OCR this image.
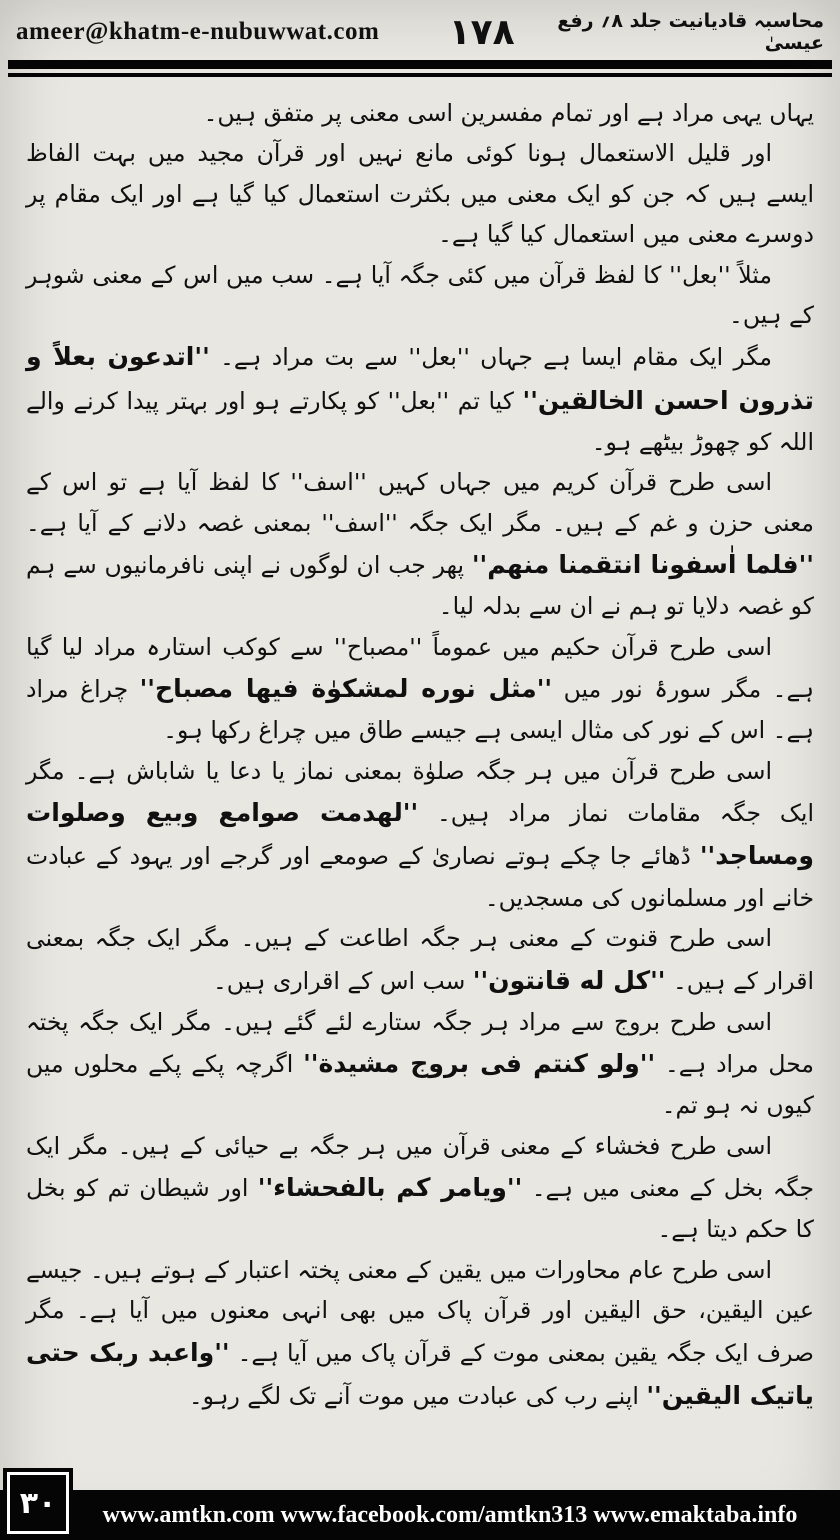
ameer@khatm-e-nubuwwat.com ۱۷۸	محاسبہ قادیانیت جلد ۸؍ رفع عیسیٰ

یہاں یہی مراد ہے اور تمام مفسرین اسی معنی پر متفق ہیں۔

اور قلیل الاستعمال ہونا کوئی مانع نہیں اور قرآن مجید میں بہت الفاظ ایسے ہیں کہ جن کو ایک معنی میں بکثرت استعمال کیا گیا ہے اور ایک مقام پر دوسرے معنی میں استعمال کیا گیا ہے۔

مثلاً ''بعل'' کا لفظ قرآن میں کئی جگہ آیا ہے۔ سب میں اس کے معنی شوہر کے ہیں۔

مگر ایک مقام ایسا ہے جہاں ''بعل'' سے بت مراد ہے۔ ''اتدعون بعلاً و تذرون احسن الخالقین'' کیا تم ''بعل'' کو پکارتے ہو اور بہتر پیدا کرنے والے اللہ کو چھوڑ بیٹھے ہو۔

اسی طرح قرآن کریم میں جہاں کہیں ''اسف'' کا لفظ آیا ہے تو اس کے معنی حزن و غم کے ہیں۔ مگر ایک جگہ ''اسف'' بمعنی غصہ دلانے کے آیا ہے۔ ''فلما اٰسفونا انتقمنا منهم'' پھر جب ان لوگوں نے اپنی نافرمانیوں سے ہم کو غصہ دلایا تو ہم نے ان سے بدلہ لیا۔

اسی طرح قرآن حکیم میں عموماً ''مصباح'' سے کوکب استارہ مراد لیا گیا ہے۔ مگر سورۂ نور میں ''مثل نوره لمشکوٰة فیها مصباح'' چراغ مراد ہے۔ اس کے نور کی مثال ایسی ہے جیسے طاق میں چراغ رکھا ہو۔

اسی طرح قرآن میں ہر جگہ صلوٰة بمعنی نماز یا دعا یا شاباش ہے۔ مگر ایک جگہ مقامات نماز مراد ہیں۔ ''لهدمت صوامع وبیع وصلوات ومساجد'' ڈھائے جا چکے ہوتے نصاریٰ کے صومعے اور گرجے اور یہود کے عبادت خانے اور مسلمانوں کی مسجدیں۔

اسی طرح قنوت کے معنی ہر جگہ اطاعت کے ہیں۔ مگر ایک جگہ بمعنی اقرار کے ہیں۔ ''کل له قانتون'' سب اس کے اقراری ہیں۔

اسی طرح بروج سے مراد ہر جگہ ستارے لئے گئے ہیں۔ مگر ایک جگہ پختہ محل مراد ہے۔ ''ولو کنتم فی بروج مشیدة'' اگرچہ پکے پکے محلوں میں کیوں نہ ہو تم۔

اسی طرح فخشاء کے معنی قرآن میں ہر جگہ بے حیائی کے ہیں۔ مگر ایک جگہ بخل کے معنی میں ہے۔ ''ویامر کم بالفحشاء'' اور شیطان تم کو بخل کا حکم دیتا ہے۔

اسی طرح عام محاورات میں یقین کے معنی پختہ اعتبار کے ہوتے ہیں۔ جیسے عین الیقین، حق الیقین اور قرآن پاک میں بھی انہی معنوں میں آیا ہے۔ مگر صرف ایک جگہ یقین بمعنی موت کے قرآن پاک میں آیا ہے۔ ''واعبد ربک حتی یاتیک الیقین'' اپنے رب کی عبادت میں موت آنے تک لگے رہو۔

www.amtkn.com www.facebook.com/amtkn313 www.emaktaba.info
۳۰
